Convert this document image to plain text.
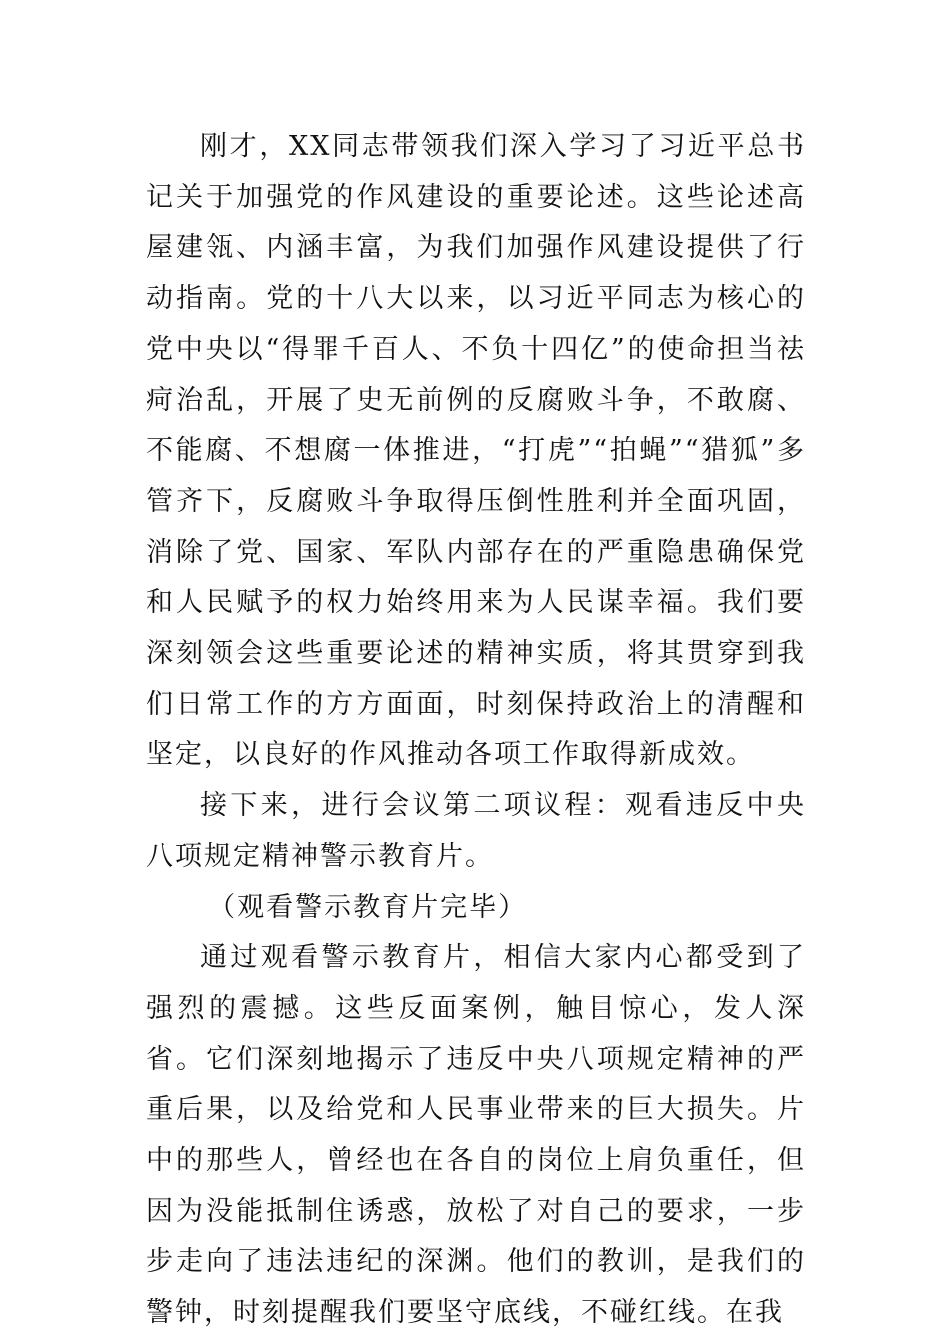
刚才，XX同志带领我们深入学习了习近平总书记关于加强党的作风建设的重要论述。这些论述高屋建瓴、内涵丰富，为我们加强作风建设提供了行动指南。党的十八大以来，以习近平同志为核心的党中央以“得罪千百人、不负十四亿”的使命担当祛疴治乱，开展了史无前例的反腐败斗争，不敢腐、不能腐、不想腐一体推进，“打虎”“拍蝇”“猎狐”多管齐下，反腐败斗争取得压倒性胜利并全面巩固，消除了党、国家、军队内部存在的严重隐患确保党和人民赋予的权力始终用来为人民谋幸福。我们要深刻领会这些重要论述的精神实质，将其贯穿到我们日常工作的方方面面，时刻保持政治上的清醒和坚定，以良好的作风推动各项工作取得新成效。

接下来，进行会议第二项议程：观看违反中央八项规定精神警示教育片。

（观看警示教育片完毕）

通过观看警示教育片，相信大家内心都受到了强烈的震撼。这些反面案例，触目惊心，发人深省。它们深刻地揭示了违反中央八项规定精神的严重后果，以及给党和人民事业带来的巨大损失。片中的那些人，曾经也在各自的岗位上肩负重任，但因为没能抵制住诱惑，放松了对自己的要求，一步步走向了违法违纪的深渊。他们的教训，是我们的警钟，时刻提醒我们要坚守底线，不碰红线。在我
